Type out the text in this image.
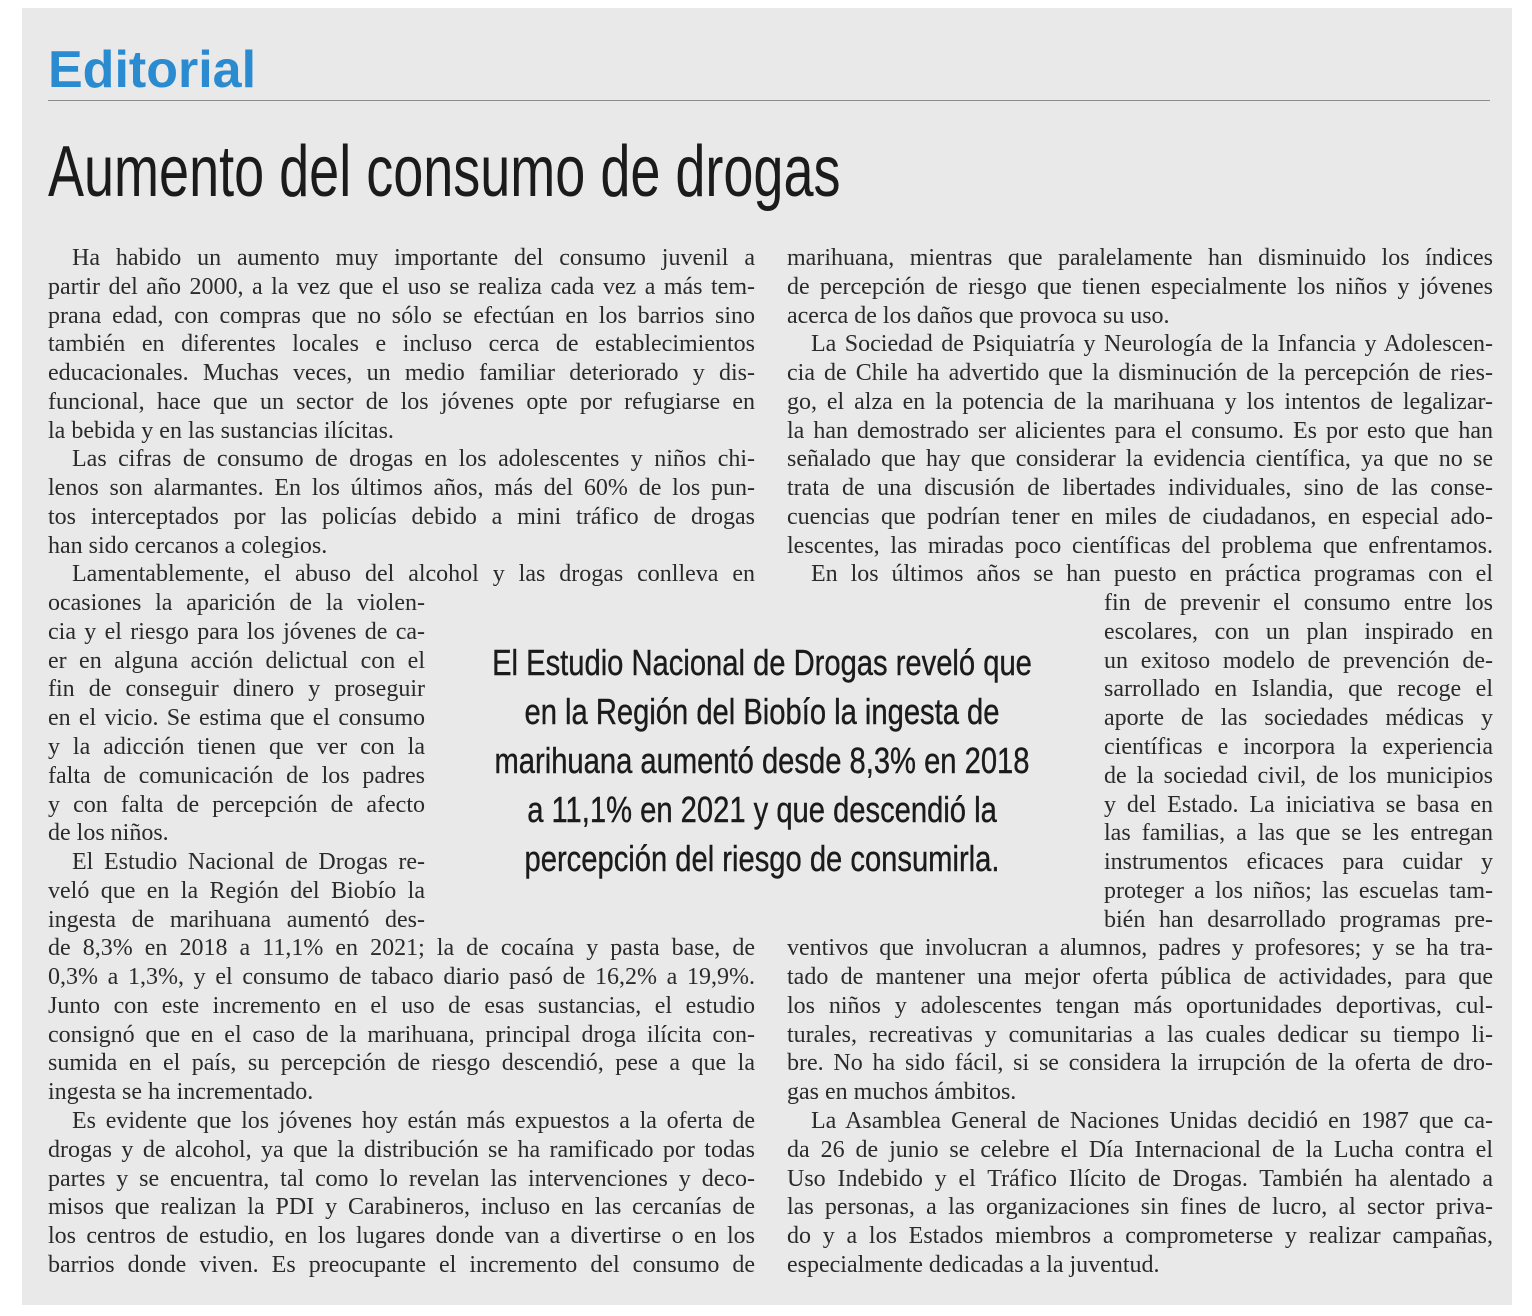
Editorial
Aumento del consumo de drogas
Ha habido un aumento muy importante del consumo juvenil a
partir del año 2000, a la vez que el uso se realiza cada vez a más tem-
prana edad, con compras que no sólo se efectúan en los barrios sino
también en diferentes locales e incluso cerca de establecimientos
educacionales. Muchas veces, un medio familiar deteriorado y dis-
funcional, hace que un sector de los jóvenes opte por refugiarse en
la bebida y en las sustancias ilícitas.
Las cifras de consumo de drogas en los adolescentes y niños chi-
lenos son alarmantes. En los últimos años, más del 60% de los pun-
tos interceptados por las policías debido a mini tráfico de drogas
han sido cercanos a colegios.
Lamentablemente, el abuso del alcohol y las drogas conlleva en
ocasiones la aparición de la violen-
cia y el riesgo para los jóvenes de ca-
er en alguna acción delictual con el
fin de conseguir dinero y proseguir
en el vicio. Se estima que el consumo
y la adicción tienen que ver con la
falta de comunicación de los padres
y con falta de percepción de afecto
de los niños.
El Estudio Nacional de Drogas re-
veló que en la Región del Biobío la
ingesta de marihuana aumentó des-
de 8,3% en 2018 a 11,1% en 2021; la de cocaína y pasta base, de
0,3% a 1,3%, y el consumo de tabaco diario pasó de 16,2% a 19,9%.
Junto con este incremento en el uso de esas sustancias, el estudio
consignó que en el caso de la marihuana, principal droga ilícita con-
sumida en el país, su percepción de riesgo descendió, pese a que la
ingesta se ha incrementado.
Es evidente que los jóvenes hoy están más expuestos a la oferta de
drogas y de alcohol, ya que la distribución se ha ramificado por todas
partes y se encuentra, tal como lo revelan las intervenciones y deco-
misos que realizan la PDI y Carabineros, incluso en las cercanías de
los centros de estudio, en los lugares donde van a divertirse o en los
barrios donde viven. Es preocupante el incremento del consumo de
marihuana, mientras que paralelamente han disminuido los índices
de percepción de riesgo que tienen especialmente los niños y jóvenes
acerca de los daños que provoca su uso.
La Sociedad de Psiquiatría y Neurología de la Infancia y Adolescen-
cia de Chile ha advertido que la disminución de la percepción de ries-
go, el alza en la potencia de la marihuana y los intentos de legalizar-
la han demostrado ser alicientes para el consumo. Es por esto que han
señalado que hay que considerar la evidencia científica, ya que no se
trata de una discusión de libertades individuales, sino de las conse-
cuencias que podrían tener en miles de ciudadanos, en especial ado-
lescentes, las miradas poco científicas del problema que enfrentamos.
En los últimos años se han puesto en práctica programas con el
fin de prevenir el consumo entre los
escolares, con un plan inspirado en
un exitoso modelo de prevención de-
sarrollado en Islandia, que recoge el
aporte de las sociedades médicas y
científicas e incorpora la experiencia
de la sociedad civil, de los municipios
y del Estado. La iniciativa se basa en
las familias, a las que se les entregan
instrumentos eficaces para cuidar y
proteger a los niños; las escuelas tam-
bién han desarrollado programas pre-
ventivos que involucran a alumnos, padres y profesores; y se ha tra-
tado de mantener una mejor oferta pública de actividades, para que
los niños y adolescentes tengan más oportunidades deportivas, cul-
turales, recreativas y comunitarias a las cuales dedicar su tiempo li-
bre. No ha sido fácil, si se considera la irrupción de la oferta de dro-
gas en muchos ámbitos.
La Asamblea General de Naciones Unidas decidió en 1987 que ca-
da 26 de junio se celebre el Día Internacional de la Lucha contra el
Uso Indebido y el Tráfico Ilícito de Drogas. También ha alentado a
las personas, a las organizaciones sin fines de lucro, al sector priva-
do y a los Estados miembros a comprometerse y realizar campañas,
especialmente dedicadas a la juventud.
El Estudio Nacional de Drogas reveló que
en la Región del Biobío la ingesta de
marihuana aumentó desde 8,3% en 2018
a 11,1% en 2021 y que descendió la
percepción del riesgo de consumirla.
